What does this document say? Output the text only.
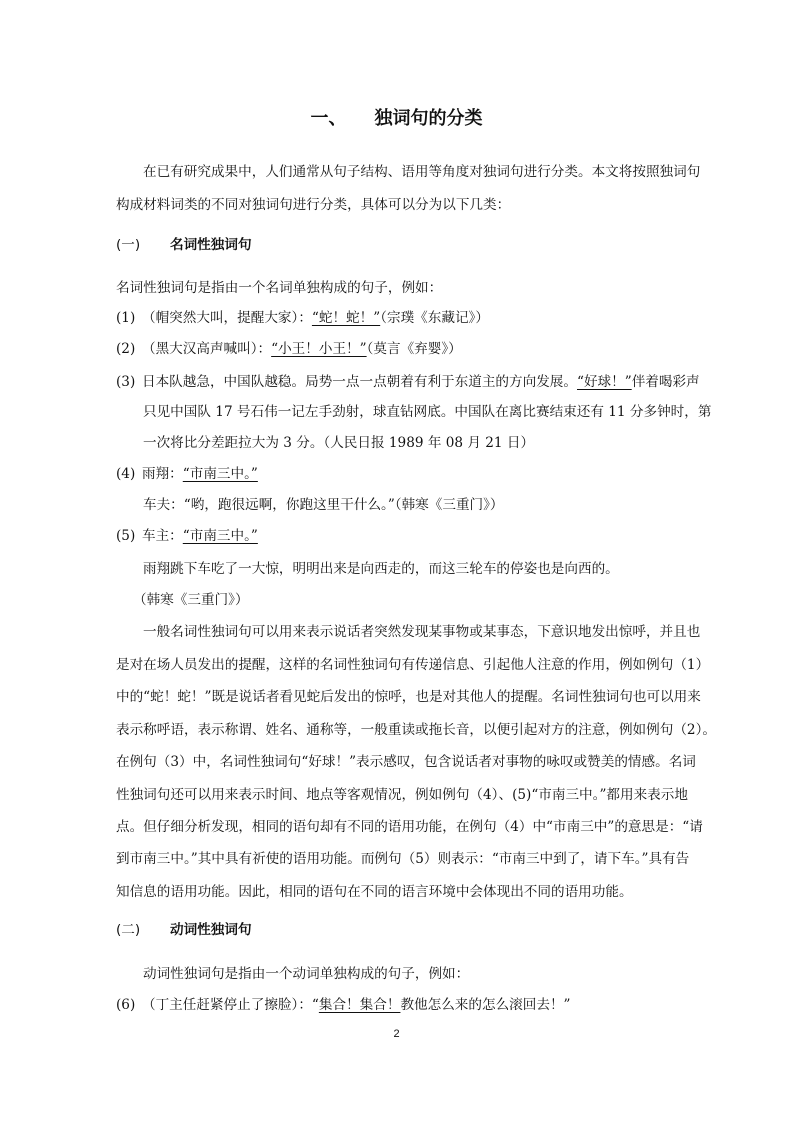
一、 独词句的分类
在已有研究成果中，人们通常从句子结构、语用等角度对独词句进行分类。本文将按照独词句
构成材料词类的不同对独词句进行分类，具体可以分为以下几类：
(一) 名词性独词句
名词性独词句是指由一个名词单独构成的句子，例如：
(1) （帽突然大叫，提醒大家）：“蛇！蛇！”（宗璞《东藏记》）
(2) （黑大汉高声喊叫）：“小王！小王！”（莫言《弃婴》）
(3) 日本队越急，中国队越稳。局势一点一点朝着有利于东道主的方向发展。“好球！”伴着喝彩声
只见中国队 17 号石伟一记左手劲射，球直钻网底。中国队在离比赛结束还有 11 分多钟时，第
一次将比分差距拉大为 3 分。（人民日报 1989 年 08 月 21 日）
(4) 雨翔：“市南三中。”
车夫：“哟，跑很远啊，你跑这里干什么。”（韩寒《三重门》）
(5) 车主：“市南三中。”
雨翔跳下车吃了一大惊，明明出来是向西走的，而这三轮车的停姿也是向西的。
（韩寒《三重门》）
一般名词性独词句可以用来表示说话者突然发现某事物或某事态，下意识地发出惊呼，并且也
是对在场人员发出的提醒，这样的名词性独词句有传递信息、引起他人注意的作用，例如例句（1）
中的“蛇！蛇！”既是说话者看见蛇后发出的惊呼，也是对其他人的提醒。名词性独词句也可以用来
表示称呼语，表示称谓、姓名、通称等，一般重读或拖长音，以便引起对方的注意，例如例句（2）。
在例句（3）中，名词性独词句“好球！”表示感叹，包含说话者对事物的咏叹或赞美的情感。名词
性独词句还可以用来表示时间、地点等客观情况，例如例句（4）、(5)“市南三中。”都用来表示地
点。但仔细分析发现，相同的语句却有不同的语用功能，在例句（4）中“市南三中”的意思是：“请
到市南三中。”其中具有祈使的语用功能。而例句（5）则表示：“市南三中到了，请下车。”具有告
知信息的语用功能。因此，相同的语句在不同的语言环境中会体现出不同的语用功能。
(二) 动词性独词句
动词性独词句是指由一个动词单独构成的句子，例如：
(6) （丁主任赶紧停止了擦脸）：“集合！集合！教他怎么来的怎么滚回去！”
2
